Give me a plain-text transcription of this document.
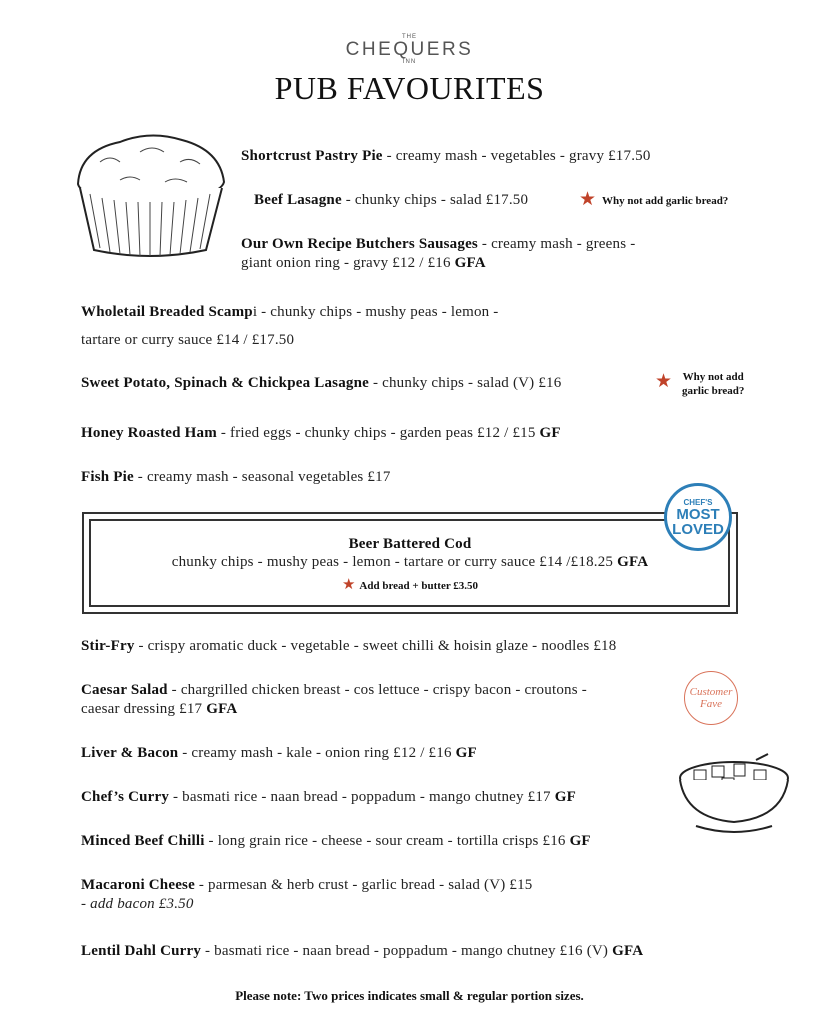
THE
CHEQUERS
INN
PUB FAVOURITES
Shortcrust Pastry Pie - creamy mash - vegetables - gravy £17.50
Beef Lasagne - chunky chips - salad £17.50	★ Why not add garlic bread?
Our Own Recipe Butchers Sausages - creamy mash - greens -
giant onion ring - gravy £12 / £16 GFA
Wholetail Breaded Scampi - chunky chips - mushy peas - lemon -
tartare or curry sauce £14 / £17.50
Sweet Potato, Spinach & Chickpea Lasagne - chunky chips - salad (V) £16	★ Why not add
garlic bread?
Honey Roasted Ham - fried eggs - chunky chips - garden peas £12 / £15 GF
Fish Pie - creamy mash - seasonal vegetables £17
Beer Battered Cod
chunky chips - mushy peas - lemon - tartare or curry sauce £14 /£18.25 GFA
★ Add bread + butter £3.50
CHEF'S
MOST
LOVED
Stir-Fry - crispy aromatic duck - vegetable - sweet chilli & hoisin glaze - noodles £18
Caesar Salad - chargrilled chicken breast - cos lettuce - crispy bacon - croutons -
caesar dressing £17 GFA
Customer
Fave
Liver & Bacon - creamy mash - kale - onion ring £12 / £16 GF
Chef’s Curry - basmati rice - naan bread - poppadum - mango chutney £17 GF
Minced Beef Chilli - long grain rice - cheese - sour cream - tortilla crisps £16 GF
Macaroni Cheese - parmesan & herb crust - garlic bread - salad (V) £15
- add bacon £3.50
Lentil Dahl Curry - basmati rice - naan bread - poppadum - mango chutney £16 (V) GFA
Please note: Two prices indicates small & regular portion sizes.
